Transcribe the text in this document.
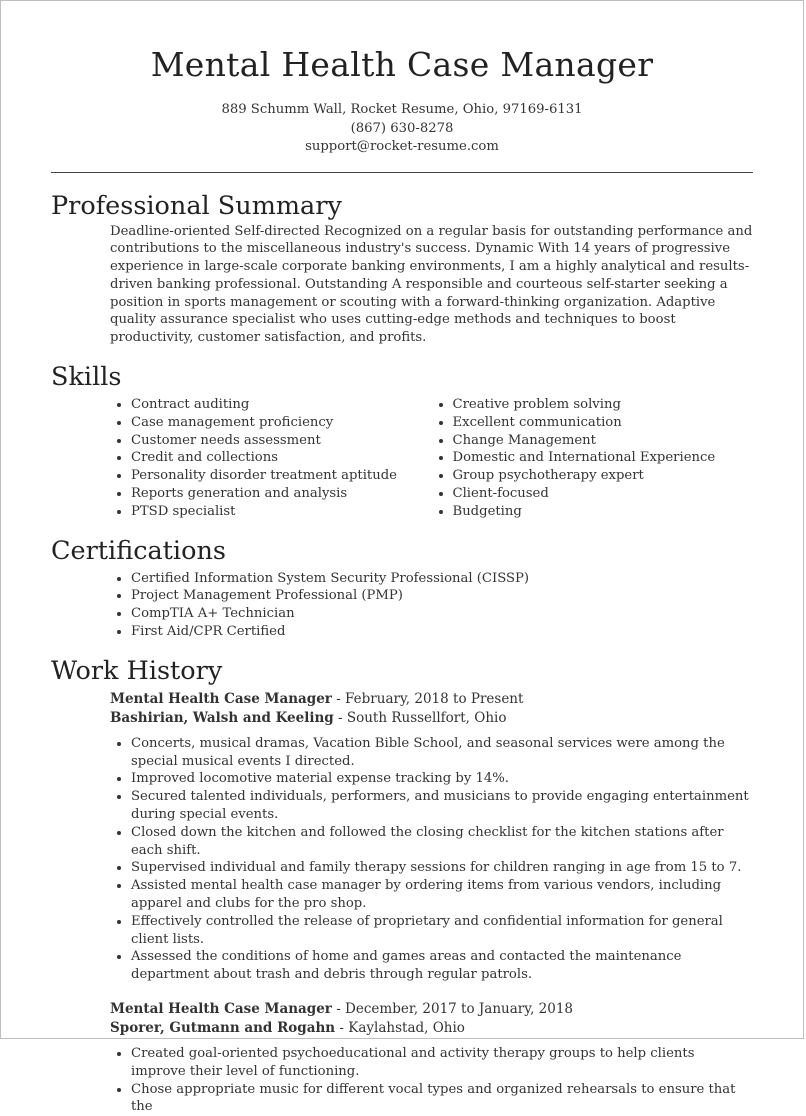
Mental Health Case Manager
889 Schumm Wall, Rocket Resume, Ohio, 97169-6131
(867) 630-8278
support@rocket-resume.com
Professional Summary
Deadline-oriented Self-directed Recognized on a regular basis for outstanding performance and contributions to the miscellaneous industry's success. Dynamic With 14 years of progressive experience in large-scale corporate banking environments, I am a highly analytical and results-driven banking professional. Outstanding A responsible and courteous self-starter seeking a position in sports management or scouting with a forward-thinking organization. Adaptive quality assurance specialist who uses cutting-edge methods and techniques to boost productivity, customer satisfaction, and profits.
Skills
• Contract auditing
• Case management proficiency
• Customer needs assessment
• Credit and collections
• Personality disorder treatment aptitude
• Reports generation and analysis
• PTSD specialist
• Creative problem solving
• Excellent communication
• Change Management
• Domestic and International Experience
• Group psychotherapy expert
• Client-focused
• Budgeting
Certifications
• Certified Information System Security Professional (CISSP)
• Project Management Professional (PMP)
• CompTIA A+ Technician
• First Aid/CPR Certified
Work History
Mental Health Case Manager - February, 2018 to Present
Bashirian, Walsh and Keeling - South Russellfort, Ohio
• Concerts, musical dramas, Vacation Bible School, and seasonal services were among the special musical events I directed.
• Improved locomotive material expense tracking by 14%.
• Secured talented individuals, performers, and musicians to provide engaging entertainment during special events.
• Closed down the kitchen and followed the closing checklist for the kitchen stations after each shift.
• Supervised individual and family therapy sessions for children ranging in age from 15 to 7.
• Assisted mental health case manager by ordering items from various vendors, including apparel and clubs for the pro shop.
• Effectively controlled the release of proprietary and confidential information for general client lists.
• Assessed the conditions of home and games areas and contacted the maintenance department about trash and debris through regular patrols.
Mental Health Case Manager - December, 2017 to January, 2018
Sporer, Gutmann and Rogahn - Kaylahstad, Ohio
• Created goal-oriented psychoeducational and activity therapy groups to help clients improve their level of functioning.
• Chose appropriate music for different vocal types and organized rehearsals to ensure that the
